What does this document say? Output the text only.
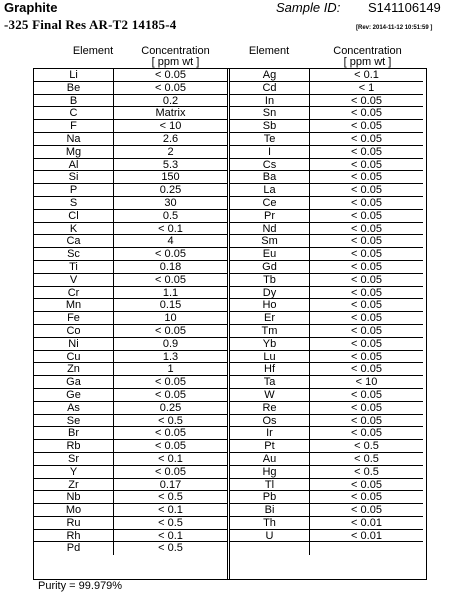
Graphite
-325 Final Res AR-T2 14185-4
Sample ID: S141106149
[Rev: 2014-11-12 10:51:59 ]
Element	Concentration
[ ppm wt ]
Element	Concentration
[ ppm wt ]
Li	< 0.05
Be	< 0.05
B	0.2
C	Matrix
F	< 10
Na	2.6
Mg	2
Al	5.3
Si	150
P	0.25
S	30
Cl	0.5
K	< 0.1
Ca	4
Sc	< 0.05
Ti	0.18
V	< 0.05
Cr	1.1
Mn	0.15
Fe	10
Co	< 0.05
Ni	0.9
Cu	1.3
Zn	1
Ga	< 0.05
Ge	< 0.05
As	0.25
Se	< 0.5
Br	< 0.05
Rb	< 0.05
Sr	< 0.1
Y	< 0.05
Zr	0.17
Nb	< 0.5
Mo	< 0.1
Ru	< 0.5
Rh	< 0.1
Pd	< 0.5
Ag	< 0.1
Cd	< 1
In	< 0.05
Sn	< 0.05
Sb	< 0.05
Te	< 0.05
I	< 0.05
Cs	< 0.05
Ba	< 0.05
La	< 0.05
Ce	< 0.05
Pr	< 0.05
Nd	< 0.05
Sm	< 0.05
Eu	< 0.05
Gd	< 0.05
Tb	< 0.05
Dy	< 0.05
Ho	< 0.05
Er	< 0.05
Tm	< 0.05
Yb	< 0.05
Lu	< 0.05
Hf	< 0.05
Ta	< 10
W	< 0.05
Re	< 0.05
Os	< 0.05
Ir	< 0.05
Pt	< 0.5
Au	< 0.5
Hg	< 0.5
Tl	< 0.05
Pb	< 0.05
Bi	< 0.05
Th	< 0.01
U	< 0.01
Purity = 99.979%
